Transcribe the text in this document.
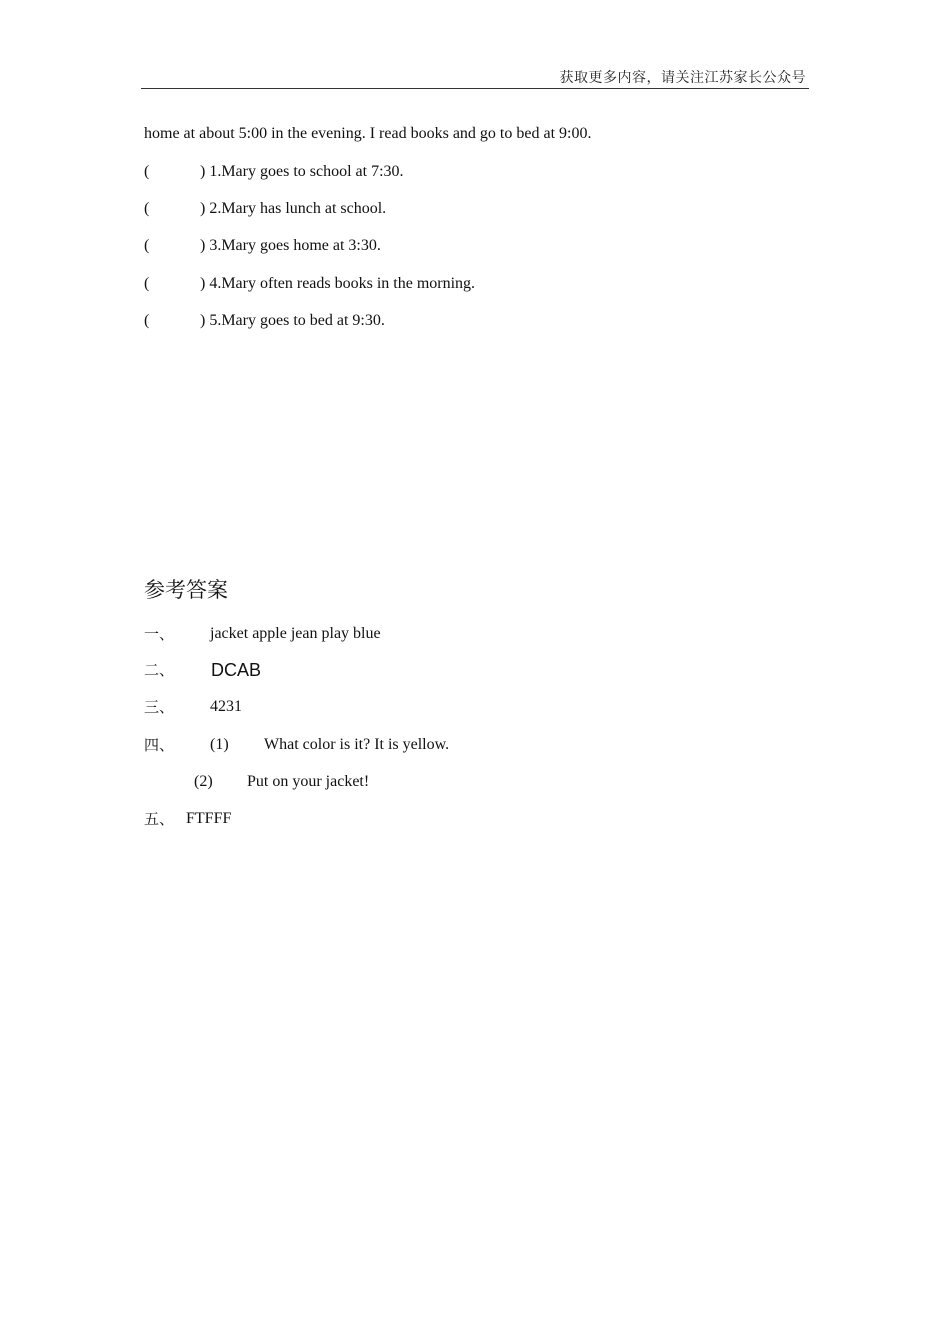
获取更多内容，请关注江苏家长公众号
home at about 5:00 in the evening. I read books and go to bed at 9:00.
(	) 1.Mary goes to school at 7:30.
(	) 2.Mary has lunch at school.
(	) 3.Mary goes home at 3:30.
(	) 4.Mary often reads books in the morning.
(	) 5.Mary goes to bed at 9:30.
参考答案
一、 jacket apple jean play blue
二、 DCAB
三、 4231
四、 (1) What color is it? It is yellow.
(2) Put on your jacket!
五、 FTFFF
